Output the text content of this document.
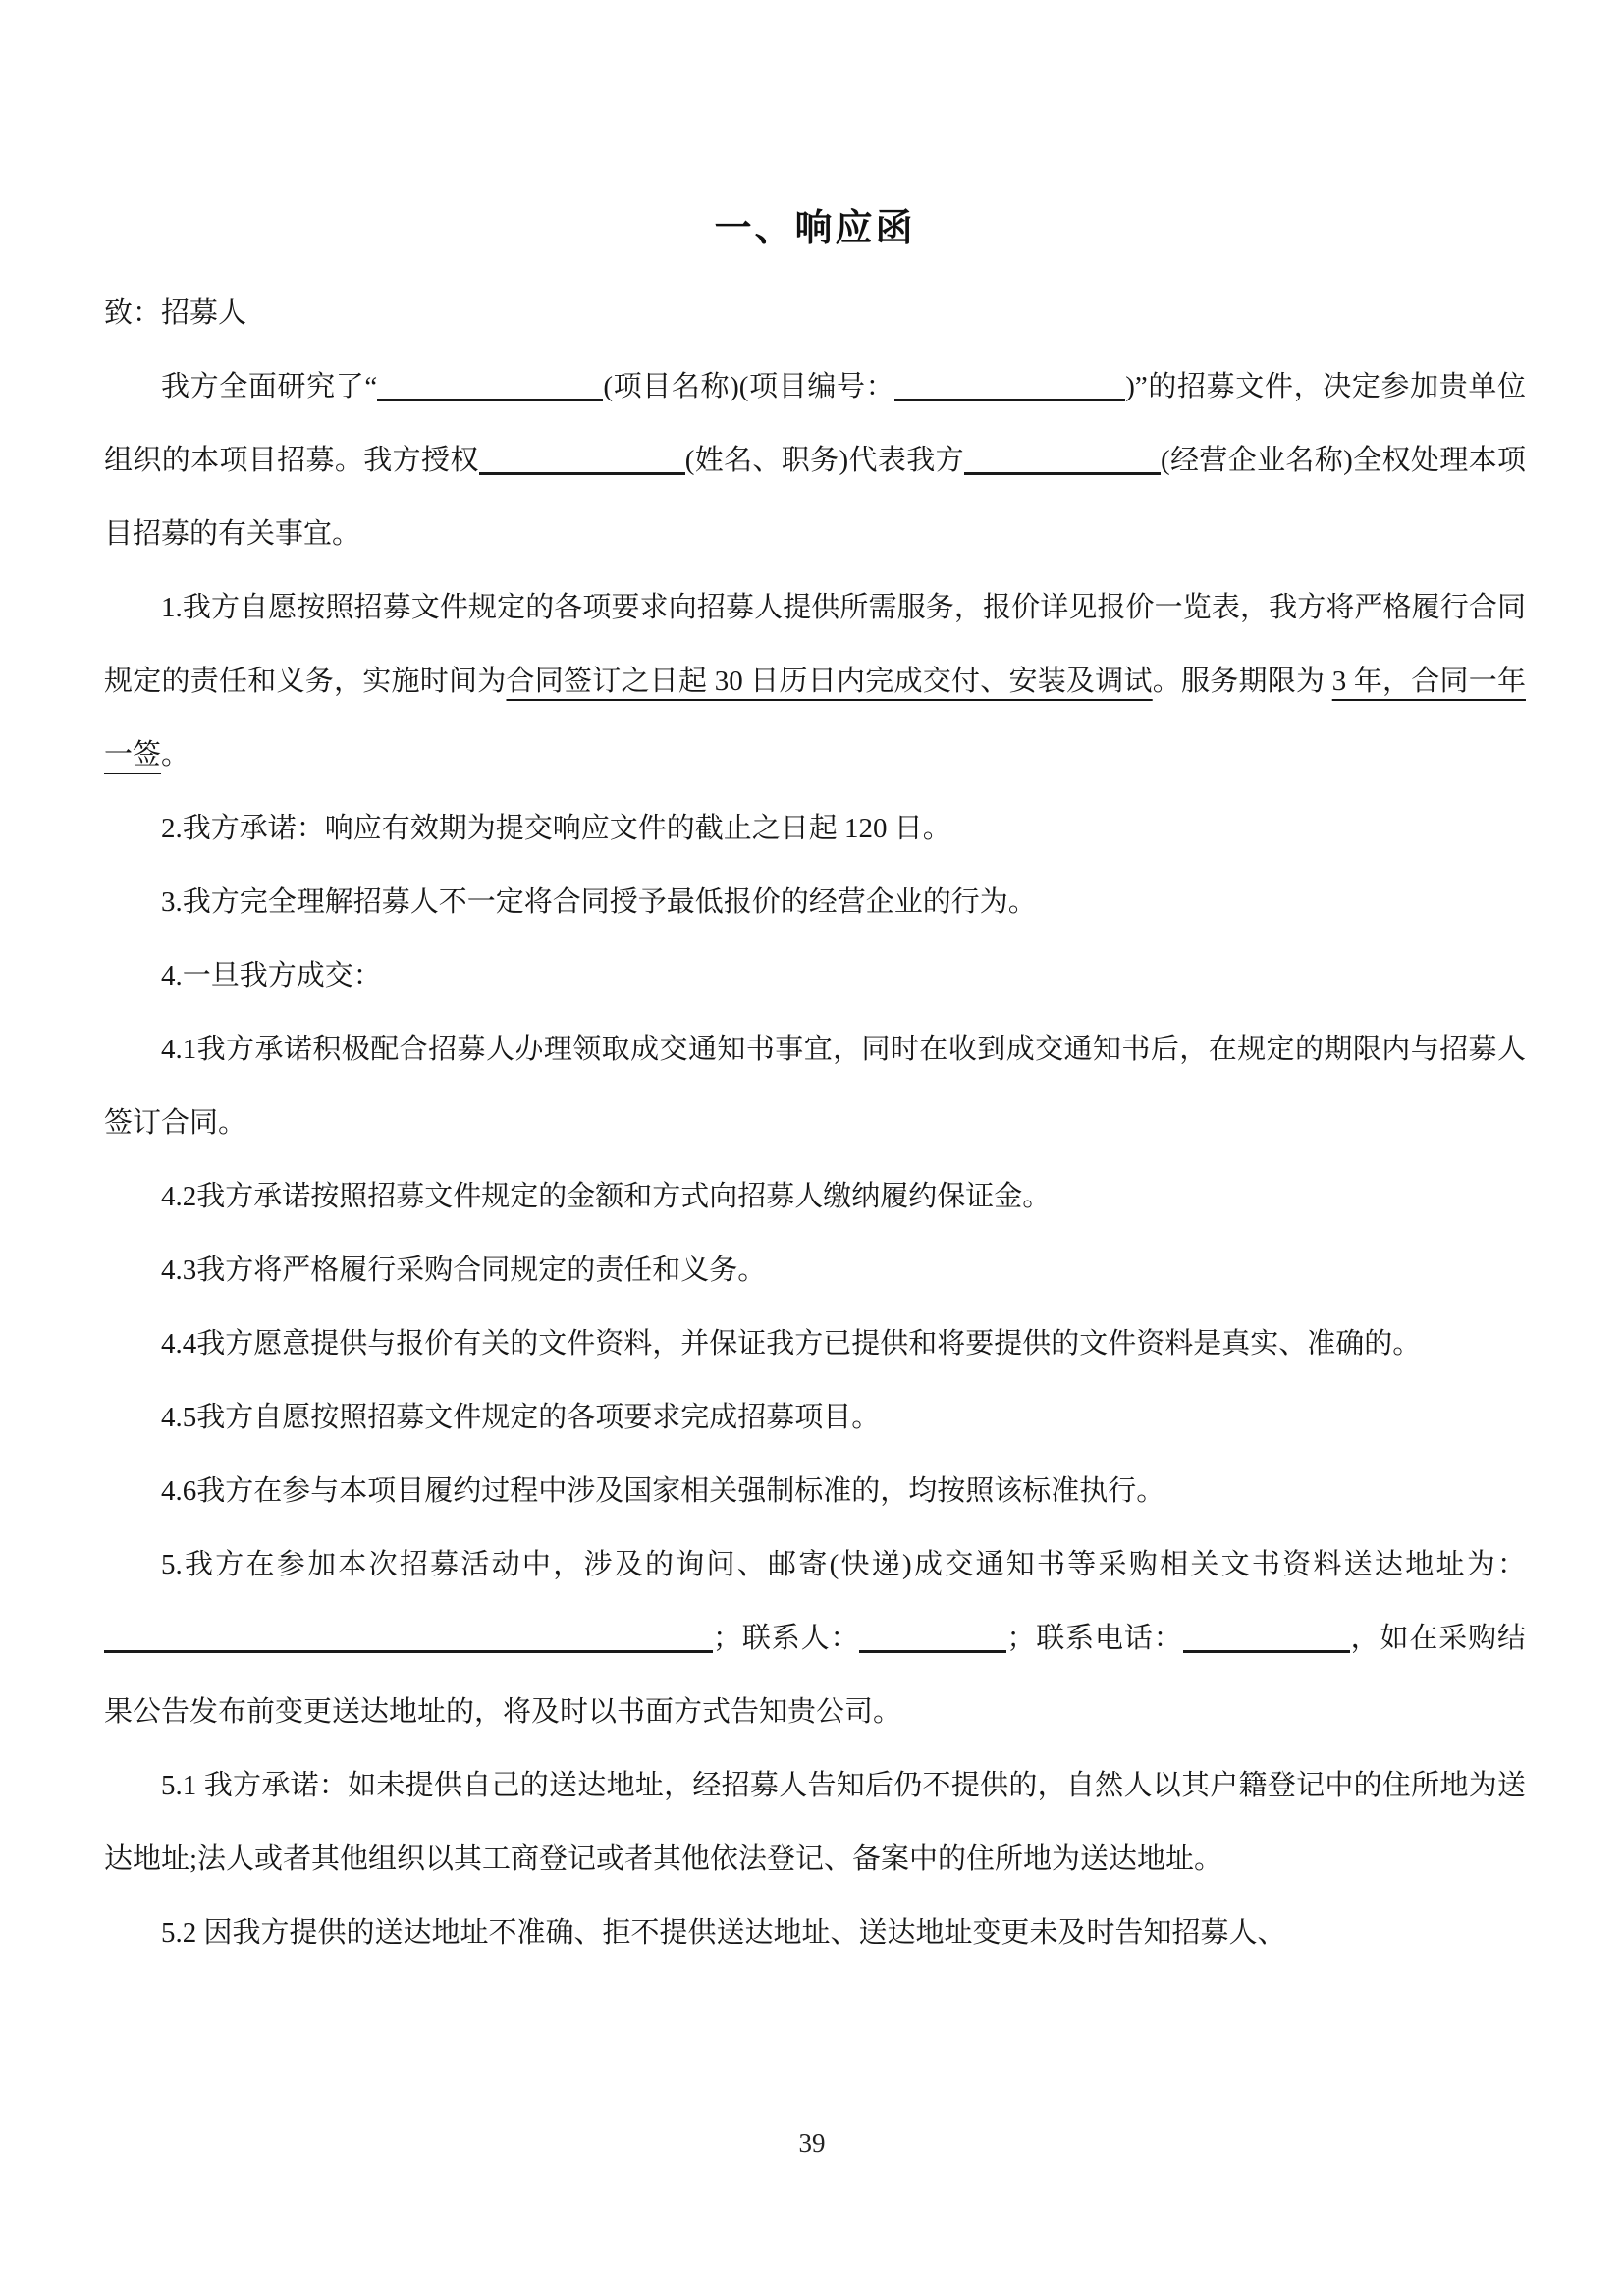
一、响应函

致：招募人

我方全面研究了“	(项目名称)(项目编号：	)”的招募文件，决定参加贵单位组织的本项目招募。我方授权	(姓名、职务)代表我方	(经营企业名称)全权处理本项目招募的有关事宜。

1.我方自愿按照招募文件规定的各项要求向招募人提供所需服务，报价详见报价一览表，我方将严格履行合同规定的责任和义务，实施时间为合同签订之日起 30 日历日内完成交付、安装及调试。服务期限为 3 年，合同一年一签。

2.我方承诺：响应有效期为提交响应文件的截止之日起 120 日。

3.我方完全理解招募人不一定将合同授予最低报价的经营企业的行为。

4.一旦我方成交：

4.1我方承诺积极配合招募人办理领取成交通知书事宜，同时在收到成交通知书后，在规定的期限内与招募人签订合同。

4.2我方承诺按照招募文件规定的金额和方式向招募人缴纳履约保证金。

4.3我方将严格履行采购合同规定的责任和义务。

4.4我方愿意提供与报价有关的文件资料，并保证我方已提供和将要提供的文件资料是真实、准确的。

4.5我方自愿按照招募文件规定的各项要求完成招募项目。

4.6我方在参与本项目履约过程中涉及国家相关强制标准的，均按照该标准执行。

5.我方在参加本次招募活动中，涉及的询问、邮寄(快递)成交通知书等采购相关文书资料送达地址为：；联系人：	；联系电话：	，如在采购结果公告发布前变更送达地址的，将及时以书面方式告知贵公司。

5.1 我方承诺：如未提供自己的送达地址，经招募人告知后仍不提供的，自然人以其户籍登记中的住所地为送达地址;法人或者其他组织以其工商登记或者其他依法登记、备案中的住所地为送达地址。

5.2 因我方提供的送达地址不准确、拒不提供送达地址、送达地址变更未及时告知招募人、

39
